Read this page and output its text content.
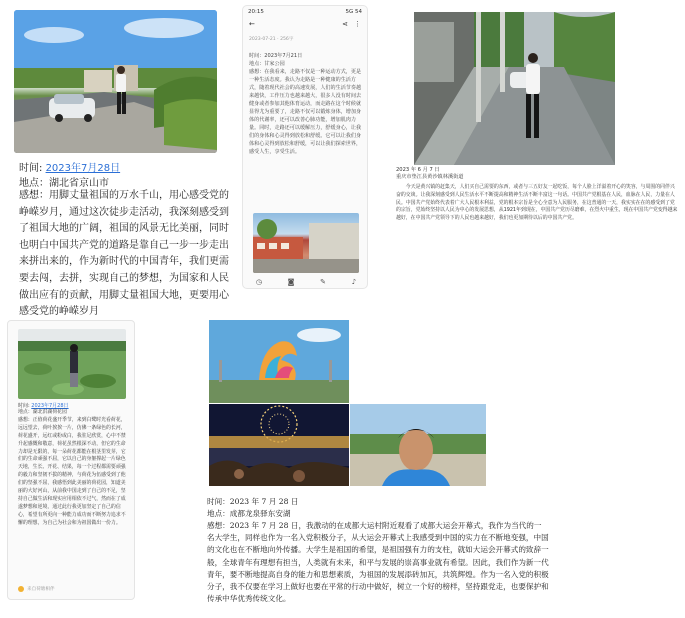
时间: 2023年7月28日
地点：湖北省京山市
感想：用脚丈量祖国的万水千山，用心感受党的峥嵘岁月，通过这次徒步走活动，我深刻感受到了祖国大地的广阔，祖国的风景无比美丽，同时也明白中国共产党的道路是靠自己一步一步走出来拼出来的，作为新时代的中国青年，我们更需要去闯，去拼，实现自己的梦想，为国家和人民做出应有的贡献，用脚丈量祖国大地，更要用心感受党的峥嵘岁月
20:15	5G 54
←	⋖ ⋮
2023-07-21 · 256字
时间：2023年7月21日
地点：甘家公园
感想：在我看来，走路不仅是一种运动方式，更是一种生活态度。我认为走路是一种健康的生活方式，随着现代社会的高速发展，人们的生活节奏越来越快，工作压力也越来越大，很多人没有时间去健身或者参加其他体育运动，而走路在这个时候就显得尤为重要了，走路不仅可以锻炼身体，增加身体的代谢率，还可以改善心肺功能，增加肌肉力量。同时，走路还可以缓解压力，舒缓身心，让我们的身体和心灵得到放松和舒缓。它可以让我们身体和心灵得到放松和舒缓，可以让我们探索世界，感受人生，享受生活。
◷	◙	✎	♪
2023 年 6 月 7 日
重庆市垫江县黄沙镇林溪街道
今天是黄兴镇的赶集天，人们买自己需要的东西，或者与三五好友一起吃饭，每个人脸上洋溢着开心的笑容，与周围的同伴兴奋的交谈。让我深刻感受到人民生活水平不断提高和精神生活不断丰富这一句话。中国共产党根基在人民，血脉在人民，力量在人民。中国共产党始终代表着广大人民根本利益，党的根本宗旨是全心全意为人民服务，在这普通的一天，我实实在在的感受到了党的宗旨，党始终坚持以人民为中心的发展思想，从1921年到现在，中国共产党历尽磨难，在烈火中重生，现在中国共产党变得越来越好，在中国共产党领导下的人民也越来越好，我们也更加期待以后的中国共产党。
时间: 2023年7月28日
地点：湖北洪湖荷花园
感想：正值荷花盛开季节，来到白鹭时光看荷花，远远望去，荷叶挨挨一片，仿佛一条绿色的长河，荷花盛开，远红或粉或白，我驻足欣赏，心中不禁升起感慨和敬意，荷花虽然根深不动，但它的生命力却是无限的，每一朵荷花都能在根茎里发芽，它们的生命顽强不屈，它以自己的身躯撑起一片绿色天地，生长、开花、结果，每一个过程都需要顽强的毅力和坚韧不拔的精神，与荷花为伍感受到了他们的坚强不屈，我感悟到此美丽的荷花园，知道美丽的大好河山，从前我中国走到了自己的不足，坚持自己做生活和现实应用相依不过气，然而在了成遂梦想和逆境，通过此行我更加坚定了自己的信心，希望有所更向一种能力成功而不断努力追求不懈的理想，为自己为社会和为祖国做出一份力。
来自荷塘相伴
时间：2023 年 7 月 28 日
地点：成都龙泉驿东安湖
感想：2023 年 7 月 28 日，我激动的在成都大运村附近观看了成都大运会开幕式，我作为当代的一名大学生，同样也作为一名入党积极分子，从大运会开幕式上我感受到中国的实力在不断地变强，中国的文化也在不断地向外传播。大学生是祖国的希望，是祖国强有力的支柱，就如大运会开幕式的致辞一般，全球青年有理想有担当，人类就有未来，和平与发展的崇高事业就有希望。因此，我们作为新一代青年，要不断地提高自身的能力和思想素质，为祖国的发展添砖加瓦，共筑辉煌。作为一名入党的积极分子，我不仅要在学习上做好也要在平常的行动中做好，树立一个好的榜样，坚持跟党走，也要保护和传承中华优秀传统文化。
